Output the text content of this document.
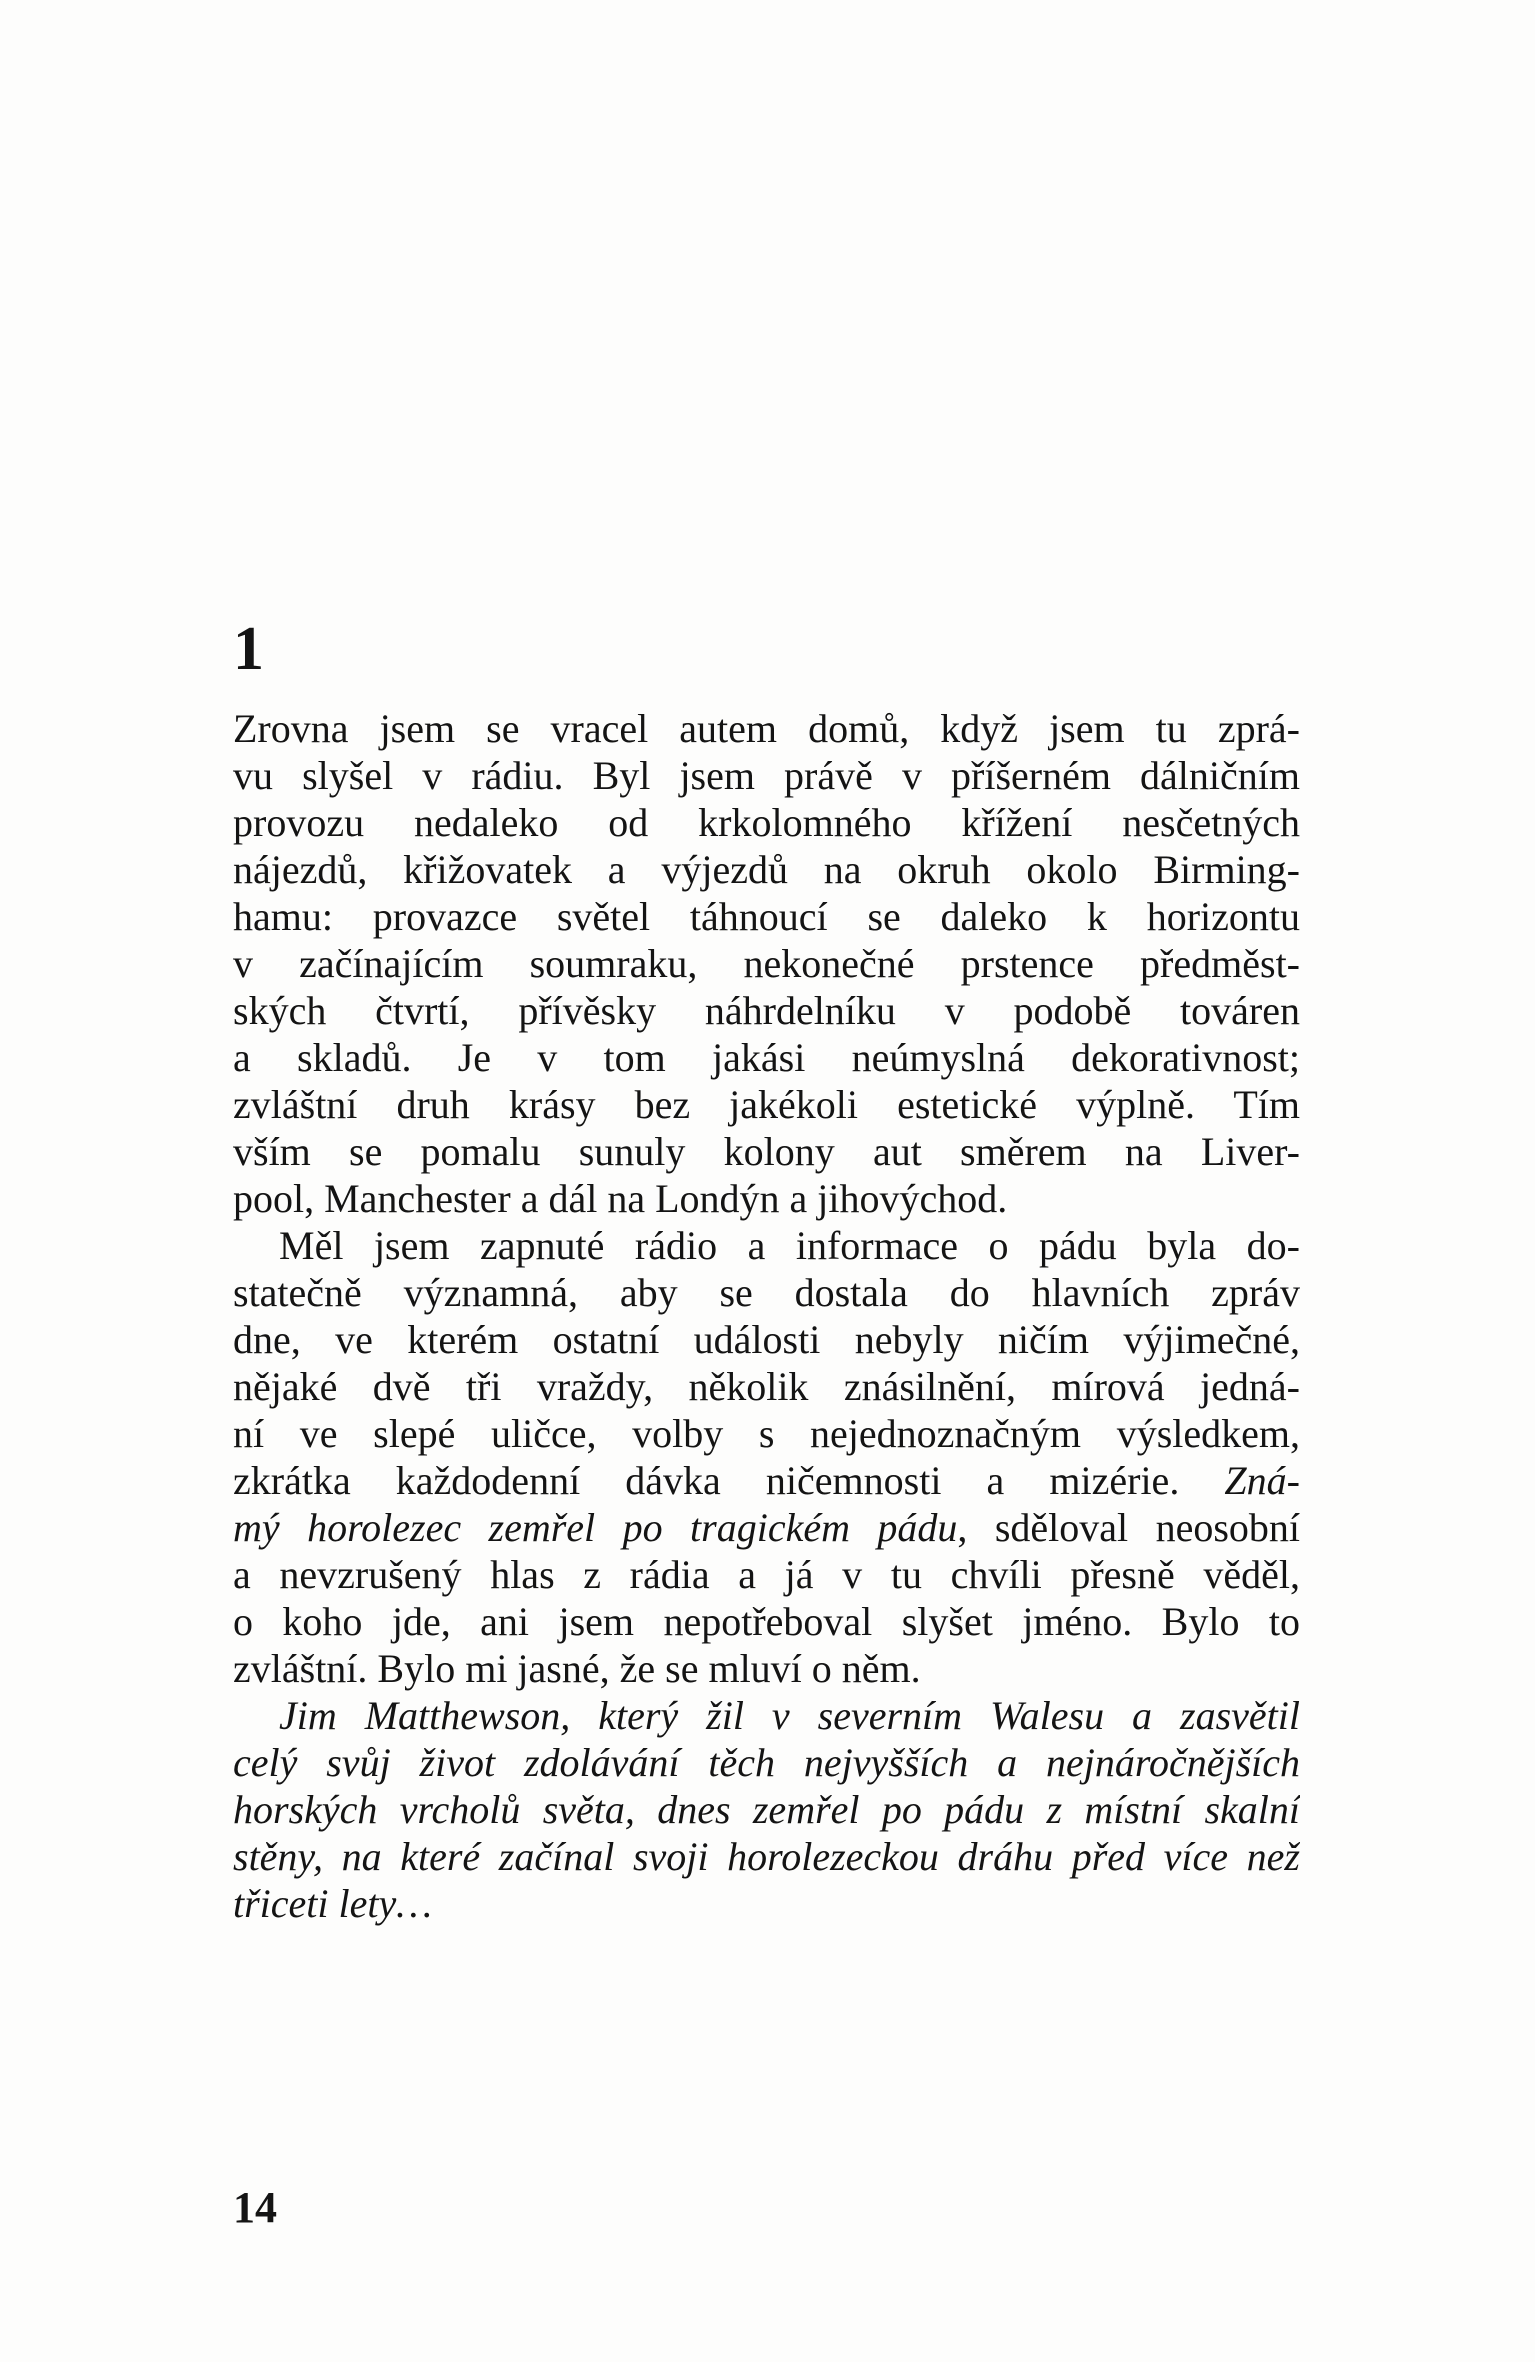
1
Zrovna jsem se vracel autem domů, když jsem tu zprá-
vu slyšel v rádiu. Byl jsem právě v příšerném dálničním
provozu nedaleko od krkolomného křížení nesčetných
nájezdů, křižovatek a výjezdů na okruh okolo Birming-
hamu: provazce světel táhnoucí se daleko k horizontu
v začínajícím soumraku, nekonečné prstence předměst-
ských čtvrtí, přívěsky náhrdelníku v podobě továren
a skladů. Je v tom jakási neúmyslná dekorativnost;
zvláštní druh krásy bez jakékoli estetické výplně. Tím
vším se pomalu sunuly kolony aut směrem na Liver-
pool, Manchester a dál na Londýn a jihovýchod.
Měl jsem zapnuté rádio a informace o pádu byla do-
statečně významná, aby se dostala do hlavních zpráv
dne, ve kterém ostatní události nebyly ničím výjimečné,
nějaké dvě tři vraždy, několik znásilnění, mírová jedná-
ní ve slepé uličce, volby s nejednoznačným výsledkem,
zkrátka každodenní dávka ničemnosti a mizérie. Zná-
mý horolezec zemřel po tragickém pádu, sděloval neosobní
a nevzrušený hlas z rádia a já v tu chvíli přesně věděl,
o koho jde, ani jsem nepotřeboval slyšet jméno. Bylo to
zvláštní. Bylo mi jasné, že se mluví o něm.
Jim Matthewson, který žil v severním Walesu a zasvětil
celý svůj život zdolávání těch nejvyšších a nejnáročnějších
horských vrcholů světa, dnes zemřel po pádu z místní skalní
stěny, na které začínal svoji horolezeckou dráhu před více než
třiceti lety…
14
